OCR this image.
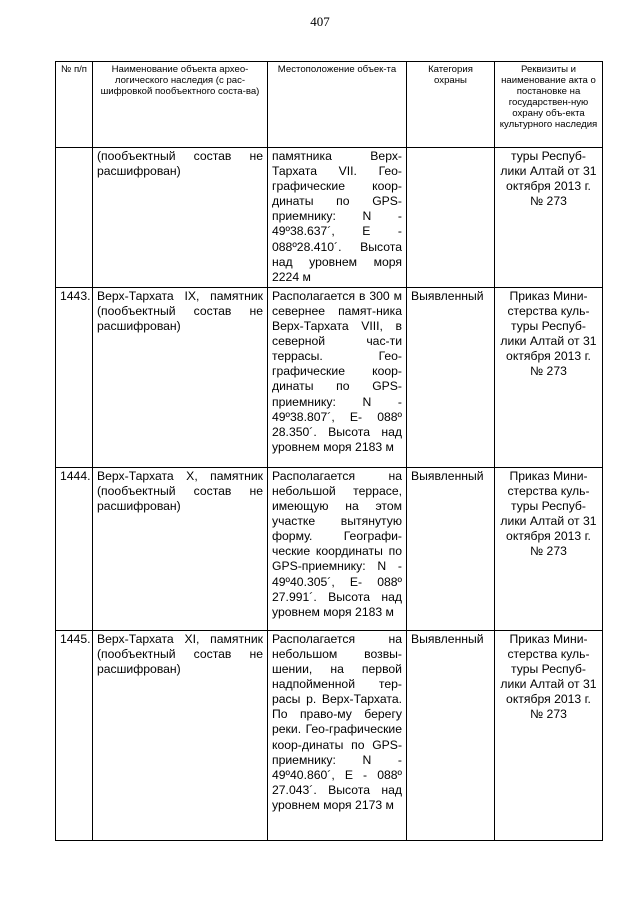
407
№ п/п	Наименование объекта архео-логического наследия (с рас-шифровкой пообъектного соста-ва)	Местоположение объек-та	Категория охраны	Реквизиты и наименование акта о постановке на государствен-ную охрану объ-екта культурного наследия
	(пообъектный состав не расшифрован)	памятника Верх-Тархата VII. Гео-графические коор-динаты по GPS-приемнику: N - 49º38.637´, Е - 088º28.410´. Высота над уровнем моря 2224 м		туры Респуб-лики Алтай от 31 октября 2013 г. № 273
1443.	Верх-Тархата IX, памятник (пообъектный состав не расшифрован)	Располагается в 300 м севернее памят-ника Верх-Тархата VIII, в северной час-ти террасы. Гео-графические коор-динаты по GPS-приемнику: N - 49º38.807´, Е- 088º 28.350´. Высота над уровнем моря 2183 м	Выявленный	Приказ Мини-стерства куль-туры Респуб-лики Алтай от 31 октября 2013 г. № 273
1444.	Верх-Тархата X, памятник (пообъектный состав не расшифрован)	Располагается на небольшой террасе, имеющую на этом участке вытянутую форму. Географи-ческие координаты по GPS-приемнику: N - 49º40.305´, Е- 088º 27.991´. Высота над уровнем моря 2183 м	Выявленный	Приказ Мини-стерства куль-туры Респуб-лики Алтай от 31 октября 2013 г. № 273
1445.	Верх-Тархата XI, памятник (пообъектный состав не расшифрован)	Располагается на небольшом возвы-шении, на первой надпойменной тер-расы р. Верх-Тархата. По право-му берегу реки. Гео-графические коор-динаты по GPS-приемнику: N - 49º40.860´, Е - 088º 27.043´. Высота над уровнем моря 2173 м	Выявленный	Приказ Мини-стерства куль-туры Респуб-лики Алтай от 31 октября 2013 г. № 273
